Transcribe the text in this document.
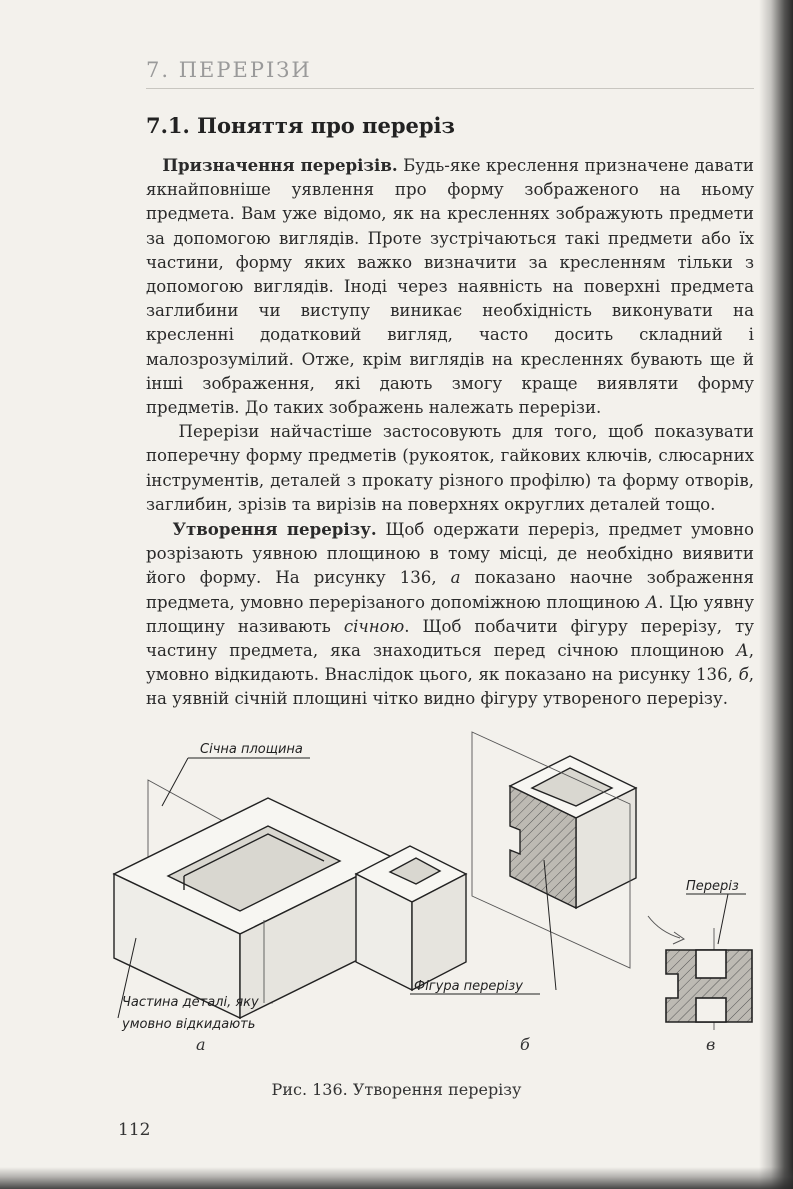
7. ПЕРЕРІЗИ
7.1. Поняття про переріз

Призначення перерізів. Будь-яке креслення призначене давати якнайповніше уявлення про форму зображеного на ньому предмета. Вам уже відомо, як на кресленнях зображують предмети за допомогою виглядів. Проте зустрічаються такі предмети або їх частини, форму яких важко визначити за кресленням тільки з допомогою виглядів. Іноді через наявність на поверхні предмета заглибини чи виступу виникає необхідність виконувати на кресленні додатковий вигляд, часто досить складний і малозрозумілий. Отже, крім виглядів на кресленнях бувають ще й інші зображення, які дають змогу краще виявляти форму предметів. До таких зображень належать перерізи.

Перерізи найчастіше застосовують для того, щоб показувати поперечну форму предметів (рукояток, гайкових ключів, слюсарних інструментів, деталей з прокату різного профілю) та форму отворів, заглибин, зрізів та вирізів на поверхнях округлих деталей тощо.

Утворення перерізу. Щоб одержати переріз, предмет умовно розрізають уявною площиною в тому місці, де необхідно виявити його форму. На рисунку 136, а показано наочне зображення предмета, умовно перерізаного допоміжною площиною А. Цю уявну площину називають січною. Щоб побачити фігуру перерізу, ту частину предмета, яка знаходиться перед січною площиною А, умовно відкидають. Внаслідок цього, як показано на рисунку 136, б, на уявній січній площині чітко видно фігуру утвореного перерізу.

Січна площина
Частина деталі, яку
умовно відкидають
а
Фігура перерізу
б
Переріз
в
Рис. 136. Утворення перерізу
112
